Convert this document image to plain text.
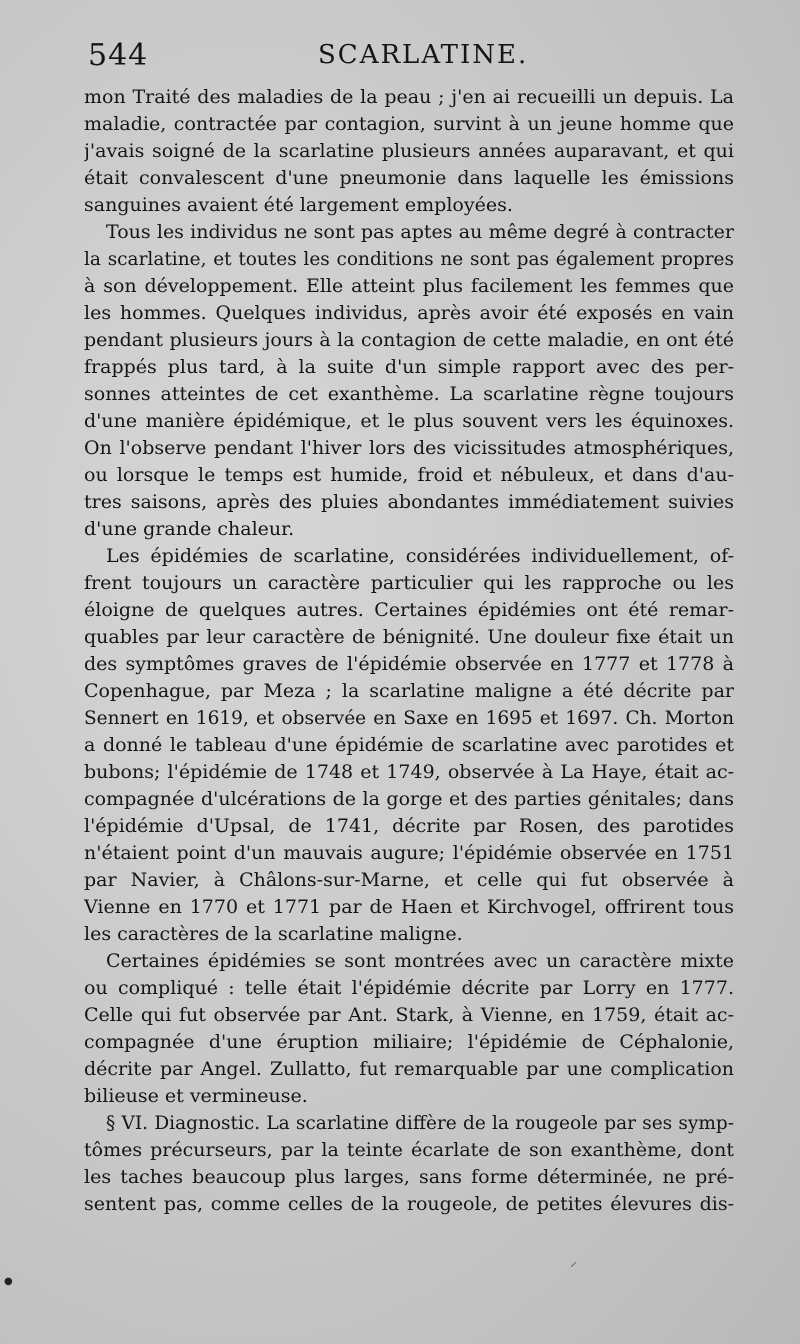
544	SCARLATINE.

mon Traité des maladies de la peau ; j'en ai recueilli un depuis. La
maladie, contractée par contagion, survint à un jeune homme que
j'avais soigné de la scarlatine plusieurs années auparavant, et qui
était convalescent d'une pneumonie dans laquelle les émissions
sanguines avaient été largement employées.

Tous les individus ne sont pas aptes au même degré à contracter
la scarlatine, et toutes les conditions ne sont pas également propres
à son développement. Elle atteint plus facilement les femmes que
les hommes. Quelques individus, après avoir été exposés en vain
pendant plusieurs jours à la contagion de cette maladie, en ont été
frappés plus tard, à la suite d'un simple rapport avec des per-
sonnes atteintes de cet exanthème. La scarlatine règne toujours
d'une manière épidémique, et le plus souvent vers les équinoxes.
On l'observe pendant l'hiver lors des vicissitudes atmosphériques,
ou lorsque le temps est humide, froid et nébuleux, et dans d'au-
tres saisons, après des pluies abondantes immédiatement suivies
d'une grande chaleur.

Les épidémies de scarlatine, considérées individuellement, of-
frent toujours un caractère particulier qui les rapproche ou les
éloigne de quelques autres. Certaines épidémies ont été remar-
quables par leur caractère de bénignité. Une douleur fixe était un
des symptômes graves de l'épidémie observée en 1777 et 1778 à
Copenhague, par Meza ; la scarlatine maligne a été décrite par
Sennert en 1619, et observée en Saxe en 1695 et 1697. Ch. Morton
a donné le tableau d'une épidémie de scarlatine avec parotides et
bubons; l'épidémie de 1748 et 1749, observée à La Haye, était ac-
compagnée d'ulcérations de la gorge et des parties génitales; dans
l'épidémie d'Upsal, de 1741, décrite par Rosen, des parotides
n'étaient point d'un mauvais augure; l'épidémie observée en 1751
par Navier, à Châlons-sur-Marne, et celle qui fut observée à
Vienne en 1770 et 1771 par de Haen et Kirchvogel, offrirent tous
les caractères de la scarlatine maligne.

Certaines épidémies se sont montrées avec un caractère mixte
ou compliqué : telle était l'épidémie décrite par Lorry en 1777.
Celle qui fut observée par Ant. Stark, à Vienne, en 1759, était ac-
compagnée d'une éruption miliaire; l'épidémie de Céphalonie,
décrite par Angel. Zullatto, fut remarquable par une complication
bilieuse et vermineuse.

§ VI. Diagnostic. La scarlatine diffère de la rougeole par ses symp-
tômes précurseurs, par la teinte écarlate de son exanthème, dont
les taches beaucoup plus larges, sans forme déterminée, ne pré-
sentent pas, comme celles de la rougeole, de petites élevures dis-

●
⸝
